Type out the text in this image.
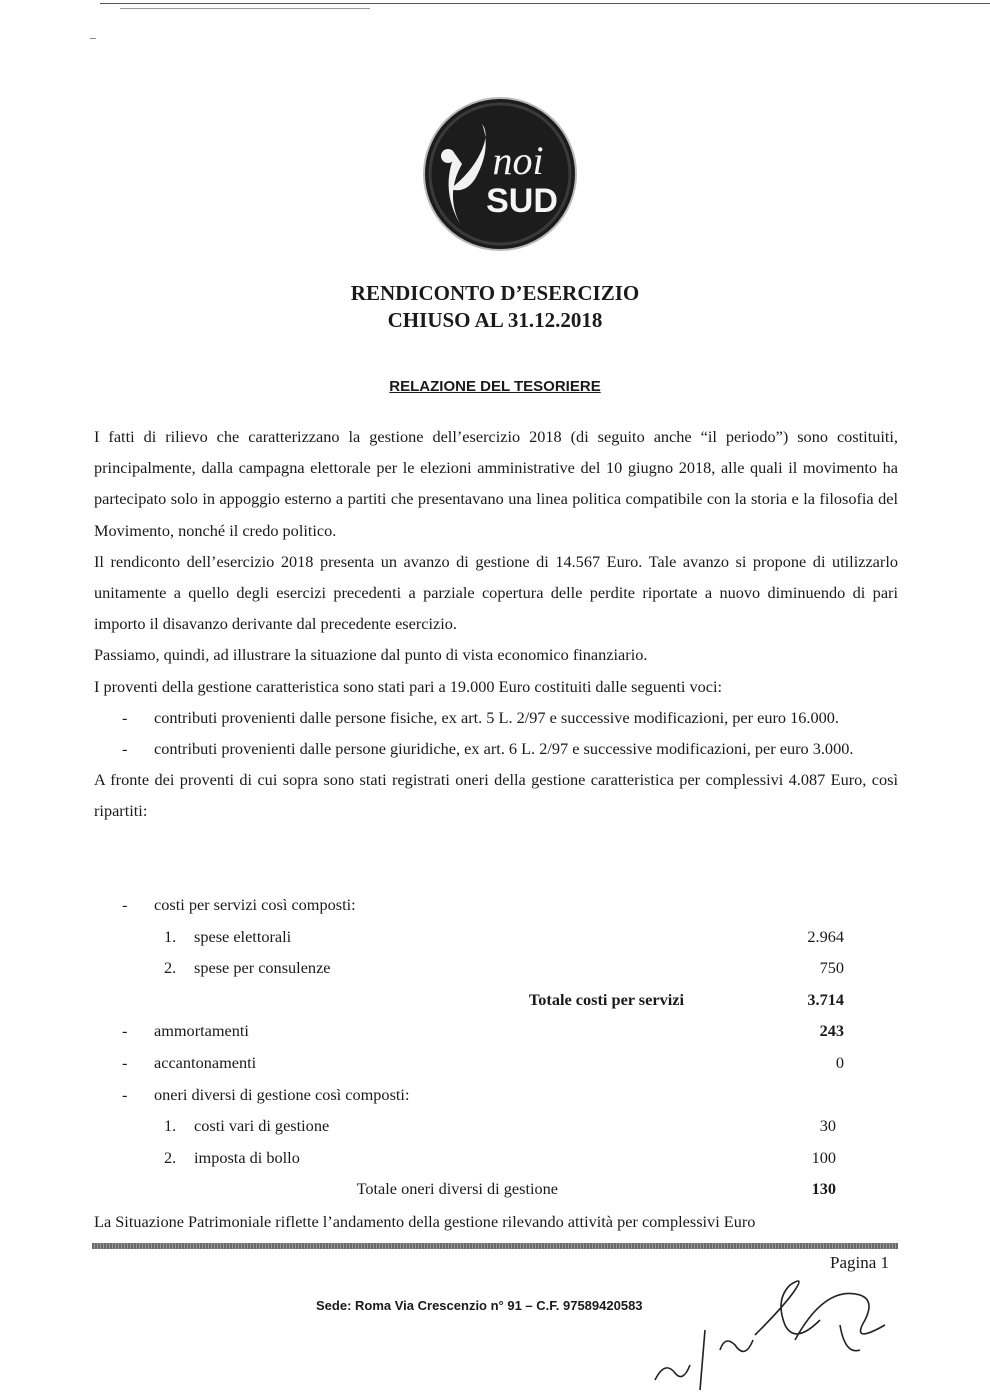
noi
SUD
RENDICONTO D’ESERCIZIO
CHIUSO AL 31.12.2018
RELAZIONE DEL TESORIERE

I fatti di rilievo che caratterizzano la gestione dell’esercizio 2018 (di seguito anche “il periodo”) sono costituiti, principalmente, dalla campagna elettorale per le elezioni amministrative del 10 giugno 2018, alle quali il movimento ha partecipato solo in appoggio esterno a partiti che presentavano una linea politica compatibile con la storia e la filosofia del Movimento, nonché il credo politico.

Il rendiconto dell’esercizio 2018 presenta un avanzo di gestione di 14.567 Euro. Tale avanzo si propone di utilizzarlo unitamente a quello degli esercizi precedenti a parziale copertura delle perdite riportate a nuovo diminuendo di pari importo il disavanzo derivante dal precedente esercizio.

Passiamo, quindi, ad illustrare la situazione dal punto di vista economico finanziario.

I proventi della gestione caratteristica sono stati pari a 19.000 Euro costituiti dalle seguenti voci:

- contributi provenienti dalle persone fisiche, ex art. 5 L. 2/97 e successive modificazioni, per euro 16.000.

- contributi provenienti dalle persone giuridiche, ex art. 6 L. 2/97 e successive modificazioni, per euro 3.000.

A fronte dei proventi di cui sopra sono stati registrati oneri della gestione caratteristica per complessivi 4.087 Euro, così ripartiti:

- costi per servizi così composti:
1. spese elettorali	2.964
2. spese per consulenze	750
Totale costi per servizi	3.714
- ammortamenti	243
- accantonamenti	0
- oneri diversi di gestione così composti:
1. costi vari di gestione	30
2. imposta di bollo	100
Totale oneri diversi di gestione	130
La Situazione Patrimoniale riflette l’andamento della gestione rilevando attività per complessivi Euro
Pagina 1
Sede: Roma Via Crescenzio n° 91 – C.F. 97589420583
